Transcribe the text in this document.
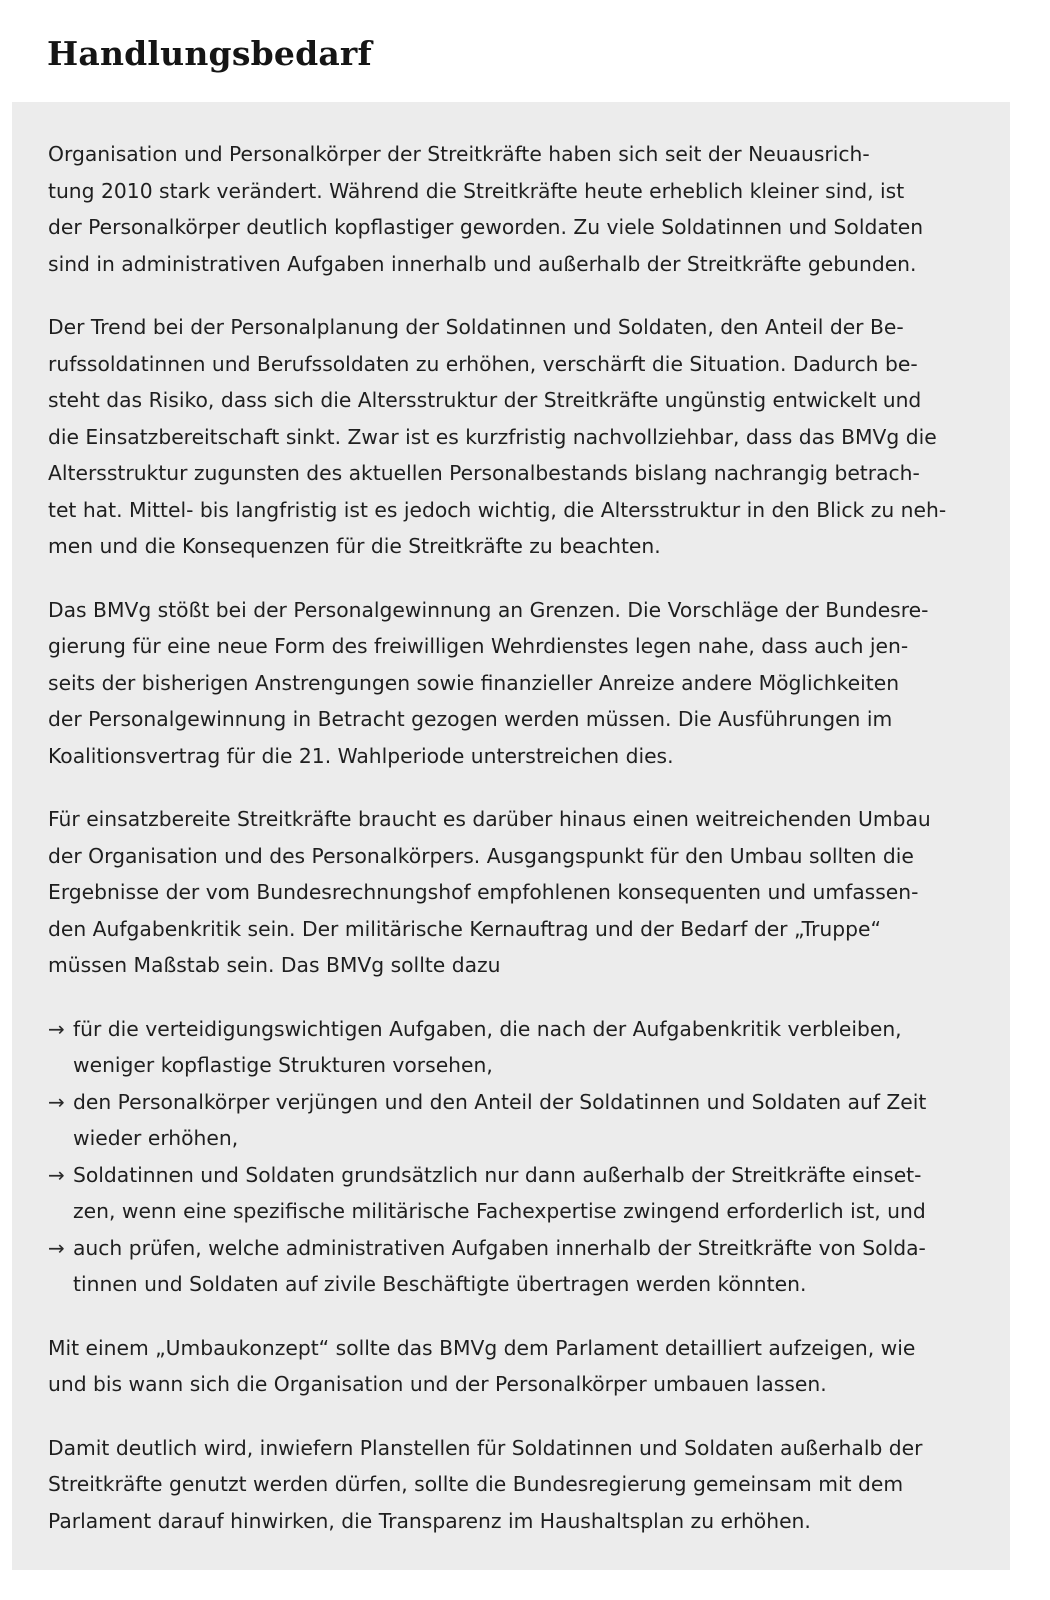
Handlungsbedarf

Organisation und Personalkörper der Streitkräfte haben sich seit der Neuausrich-
tung 2010 stark verändert. Während die Streitkräfte heute erheblich kleiner sind, ist
der Personalkörper deutlich kopflastiger geworden. Zu viele Soldatinnen und Soldaten
sind in administrativen Aufgaben innerhalb und außerhalb der Streitkräfte gebunden.

Der Trend bei der Personalplanung der Soldatinnen und Soldaten, den Anteil der Be-
rufssoldatinnen und Berufssoldaten zu erhöhen, verschärft die Situation. Dadurch be-
steht das Risiko, dass sich die Altersstruktur der Streitkräfte ungünstig entwickelt und
die Einsatzbereitschaft sinkt. Zwar ist es kurzfristig nachvollziehbar, dass das BMVg die
Altersstruktur zugunsten des aktuellen Personalbestands bislang nachrangig betrach-
tet hat. Mittel- bis langfristig ist es jedoch wichtig, die Altersstruktur in den Blick zu neh-
men und die Konsequenzen für die Streitkräfte zu beachten.

Das BMVg stößt bei der Personalgewinnung an Grenzen. Die Vorschläge der Bundesre-
gierung für eine neue Form des freiwilligen Wehrdienstes legen nahe, dass auch jen-
seits der bisherigen Anstrengungen sowie finanzieller Anreize andere Möglichkeiten
der Personalgewinnung in Betracht gezogen werden müssen. Die Ausführungen im
Koalitionsvertrag für die 21. Wahlperiode unterstreichen dies.

Für einsatzbereite Streitkräfte braucht es darüber hinaus einen weitreichenden Umbau
der Organisation und des Personalkörpers. Ausgangspunkt für den Umbau sollten die
Ergebnisse der vom Bundesrechnungshof empfohlenen konsequenten und umfassen-
den Aufgabenkritik sein. Der militärische Kernauftrag und der Bedarf der „Truppe“
müssen Maßstab sein. Das BMVg sollte dazu

→ für die verteidigungswichtigen Aufgaben, die nach der Aufgabenkritik verbleiben,
weniger kopflastige Strukturen vorsehen,
→ den Personalkörper verjüngen und den Anteil der Soldatinnen und Soldaten auf Zeit
wieder erhöhen,
→ Soldatinnen und Soldaten grundsätzlich nur dann außerhalb der Streitkräfte einset-
zen, wenn eine spezifische militärische Fachexpertise zwingend erforderlich ist, und
→ auch prüfen, welche administrativen Aufgaben innerhalb der Streitkräfte von Solda-
tinnen und Soldaten auf zivile Beschäftigte übertragen werden könnten.

Mit einem „Umbaukonzept“ sollte das BMVg dem Parlament detailliert aufzeigen, wie
und bis wann sich die Organisation und der Personalkörper umbauen lassen.

Damit deutlich wird, inwiefern Planstellen für Soldatinnen und Soldaten außerhalb der
Streitkräfte genutzt werden dürfen, sollte die Bundesregierung gemeinsam mit dem
Parlament darauf hinwirken, die Transparenz im Haushaltsplan zu erhöhen.
